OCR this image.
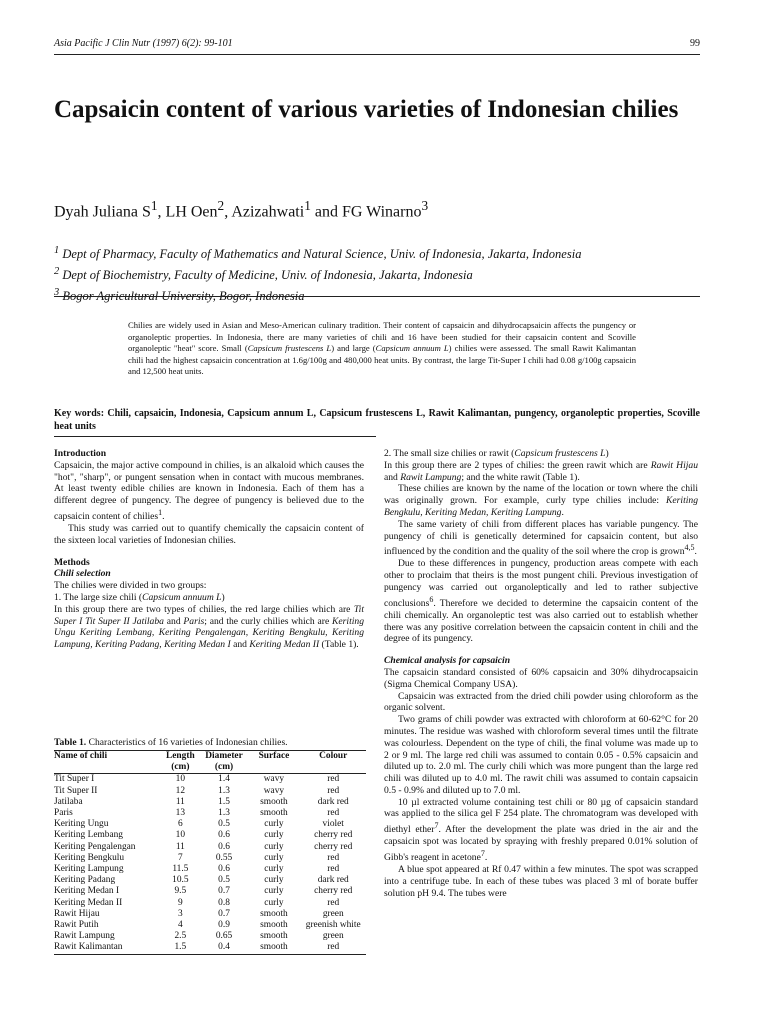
Asia Pacific J Clin Nutr (1997) 6(2): 99-101	99
Capsaicin content of various varieties of Indonesian chilies
Dyah Juliana $S^1$, LH Oen$^2$, Azizahwati$^1$ and FG Winarno$^3$
$^1$ Dept of Pharmacy, Faculty of Mathematics and Natural Science, Univ. of Indonesia, Jakarta, Indonesia
$^2$ Dept of Biochemistry, Faculty of Medicine, Univ. of Indonesia, Jakarta, Indonesia
$^3$ Bogor Agricultural University, Bogor, Indonesia
Chilies are widely used in Asian and Meso-American culinary tradition. Their content of capsaicin and dihydrocapsaicin affects the pungency or organoleptic properties. In Indonesia, there are many varieties of chili and 16 have been studied for their capsaicin content and Scoville organoleptic "heat" score. Small (Capsicum frustescens L) and large (Capsicum annuum L) chilies were assessed. The small Rawit Kalimantan chili had the highest capsaicin concentration at 1.6g/100g and 480,000 heat units. By contrast, the large Tit-Super I chili had 0.08 g/100g capsaicin and 12,500 heat units.
Key words: Chili, capsaicin, Indonesia, Capsicum annum L, Capsicum frustescens L, Rawit Kalimantan, pungency, organoleptic properties, Scoville heat units

Introduction

Capsaicin, the major active compound in chilies, is an alkaloid which causes the "hot", "sharp", or pungent sensation when in contact with mucous membranes. At least twenty edible chilies are known in Indonesia. Each of them has a different degree of pungency. The degree of pungency is believed due to the capsaicin content of chilies$^1$.

This study was carried out to quantify chemically the capsaicin content of the sixteen local varieties of Indonesian chilies.

Methods

Chili selection

The chilies were divided in two groups:

1. The large size chili (Capsicum annuum L)

In this group there are two types of chilies, the red large chilies which are Tit Super I Tit Super II Jatilaba and Paris; and the curly chilies which are Keriting Ungu Keriting Lembang, Keriting Pengalengan, Keriting Bengkulu, Keriting Lampung, Keriting Padang, Keriting Medan I and Keriting Medan II (Table 1).

Table 1. Characteristics of 16 varieties of Indonesian chilies.
Name of chili	Length	Diameter	Surface	Colour
	(cm)	(cm)		
Tit Super I	10	1.4	wavy	red
Tit Super II	12	1.3	wavy	red
Jatilaba	11	1.5	smooth	dark red
Paris	13	1.3	smooth	red
Keriting Ungu	6	0.5	curly	violet
Keriting Lembang	10	0.6	curly	cherry red
Keriting Pengalengan	11	0.6	curly	cherry red
Keriting Bengkulu	7	0.55	curly	red
Keriting Lampung	11.5	0.6	curly	red
Keriting Padang	10.5	0.5	curly	dark red
Keriting Medan I	9.5	0.7	curly	cherry red
Keriting Medan II	9	0.8	curly	red
Rawit Hijau	3	0.7	smooth	green
Rawit Putih	4	0.9	smooth	greenish white
Rawit Lampung	2.5	0.65	smooth	green
Rawit Kalimantan	1.5	0.4	smooth	red

2. The small size chilies or rawit (Capsicum frustescens L)

In this group there are 2 types of chilies: the green rawit which are Rawit Hijau and Rawit Lampung; and the white rawit (Table 1).

These chilies are known by the name of the location or town where the chili was originally grown. For example, curly type chilies include: Keriting Bengkulu, Keriting Medan, Keriting Lampung.

The same variety of chili from different places has variable pungency. The pungency of chili is genetically determined for capsaicin content, but also influenced by the condition and the quality of the soil where the crop is grown$^{4,5}$.

Due to these differences in pungency, production areas compete with each other to proclaim that theirs is the most pungent chili. Previous investigation of pungency was carried out organoleptically and led to rather subjective conclusions$^6$. Therefore we decided to determine the capsaicin content of the chili chemically. An organoleptic test was also carried out to establish whether there was any positive correlation between the capsaicin content in chili and the degree of its pungency.

Chemical analysis for capsaicin

The capsaicin standard consisted of 60% capsaicin and 30% dihydrocapsaicin (Sigma Chemical Company USA).

Capsaicin was extracted from the dried chili powder using chloroform as the organic solvent.

Two grams of chili powder was extracted with chloroform at 60-62°C for 20 minutes. The residue was washed with chloroform several times until the filtrate was colourless. Dependent on the type of chili, the final volume was made up to 2 or 9 ml. The large red chili was assumed to contain 0.05 - 0.5% capsaicin and diluted up to. 2.0 ml. The curly chili which was more pungent than the large red chili was diluted up to 4.0 ml. The rawit chili was assumed to contain capsaicin 0.5 - 0.9% and diluted up to 7.0 ml.

10 µl extracted volume containing test chili or 80 µg of capsaicin standard was applied to the silica gel F 254 plate. The chromatogram was developed with diethyl ether$^7$. After the development the plate was dried in the air and the capsaicin spot was located by spraying with freshly prepared 0.01% solution of Gibb's reagent in acetone$^7$.

A blue spot appeared at Rf 0.47 within a few minutes. The spot was scrapped into a centrifuge tube. In each of these tubes was placed 3 ml of borate buffer solution pH 9.4. The tubes were
